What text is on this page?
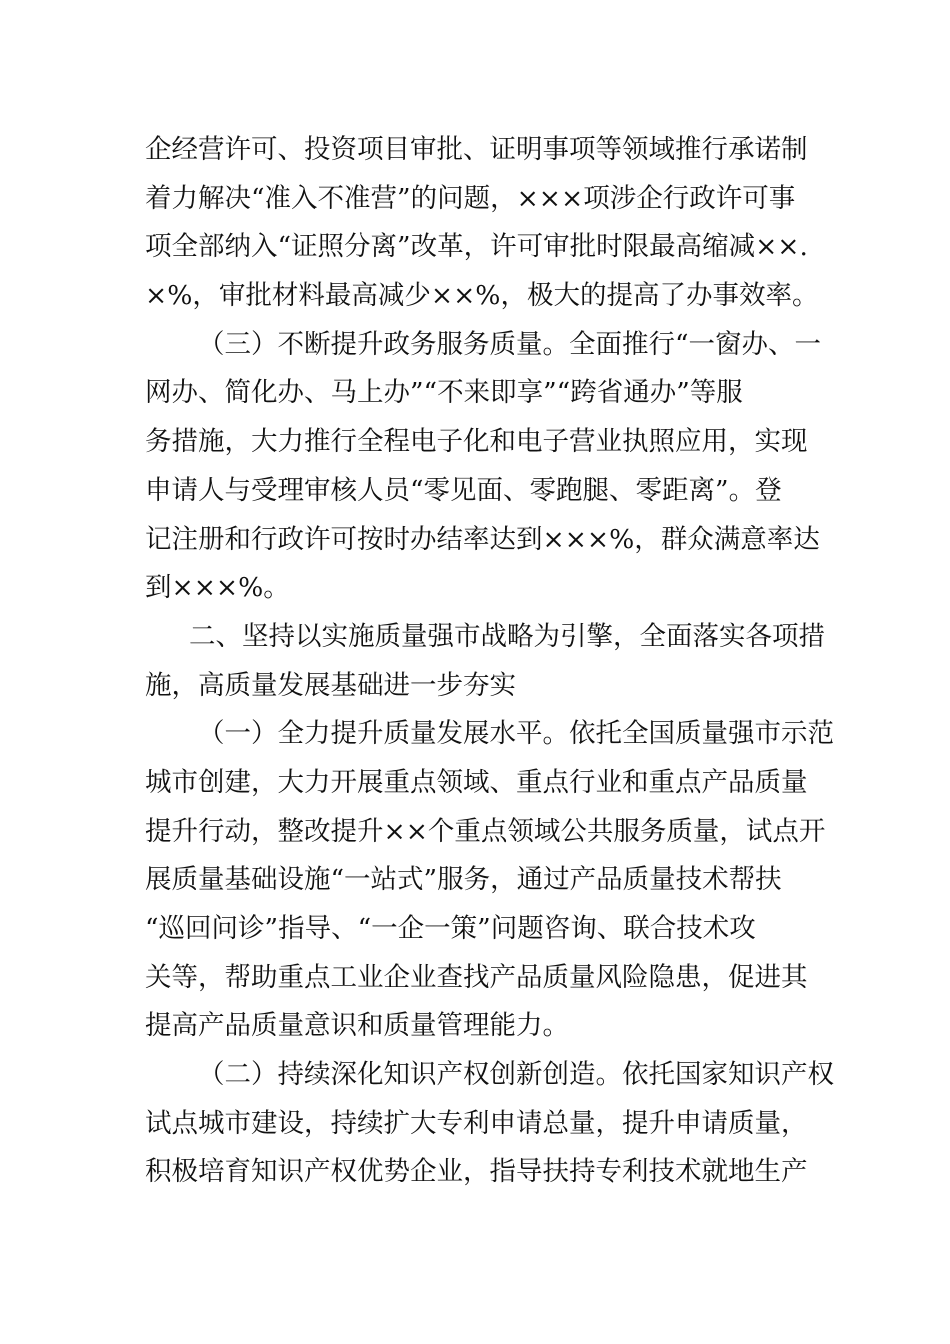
企经营许可、投资项目审批、证明事项等领域推行承诺制
着力解决“准入不准营”的问题，×××项涉企行政许可事
项全部纳入“证照分离”改革，许可审批时限最高缩减××.
×%，审批材料最高减少××%，极大的提高了办事效率。
（三）不断提升政务服务质量。全面推行“一窗办、一
网办、简化办、马上办”“不来即享”“跨省通办”等服
务措施，大力推行全程电子化和电子营业执照应用，实现
申请人与受理审核人员“零见面、零跑腿、零距离”。登
记注册和行政许可按时办结率达到×××%，群众满意率达
到×××%。
二、坚持以实施质量强市战略为引擎，全面落实各项措
施，高质量发展基础进一步夯实
（一）全力提升质量发展水平。依托全国质量强市示范
城市创建，大力开展重点领域、重点行业和重点产品质量
提升行动，整改提升××个重点领域公共服务质量，试点开
展质量基础设施“一站式”服务，通过产品质量技术帮扶
“巡回问诊”指导、“一企一策”问题咨询、联合技术攻
关等，帮助重点工业企业查找产品质量风险隐患，促进其
提高产品质量意识和质量管理能力。
（二）持续深化知识产权创新创造。依托国家知识产权
试点城市建设，持续扩大专利申请总量，提升申请质量，
积极培育知识产权优势企业，指导扶持专利技术就地生产
